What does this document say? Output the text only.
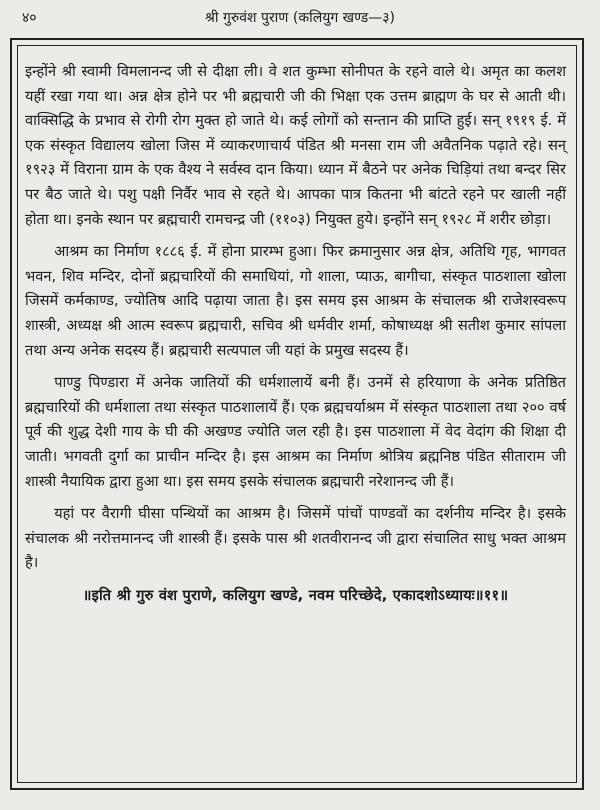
४०	श्री गुरुवंश पुराण (कलियुग खण्ड—३)

इन्होंने श्री स्वामी विमलानन्द जी से दीक्षा ली। वे शत कुम्भा सोनीपत के रहने वाले थे। अमृत का कलश यहीं रखा गया था। अन्न क्षेत्र होने पर भी ब्रह्मचारी जी की भिक्षा एक उत्तम ब्राह्मण के घर से आती थी। वाक्सिद्धि के प्रभाव से रोगी रोग मुक्त हो जाते थे। कई लोगों को सन्तान की प्राप्ति हुई। सन् १९१९ ई. में एक संस्कृत विद्यालय खोला जिस में व्याकरणाचार्य पंडित श्री मनसा राम जी अवैतनिक पढ़ाते रहे। सन् १९२३ में विराना ग्राम के एक वैश्य ने सर्वस्व दान किया। ध्यान में बैठने पर अनेक चिड़ियां तथा बन्दर सिर पर बैठ जाते थे। पशु पक्षी निर्वैर भाव से रहते थे। आपका पात्र कितना भी बांटते रहने पर खाली नहीं होता था। इनके स्थान पर ब्रह्मचारी रामचन्द्र जी (११०३) नियुक्त हुये। इन्होंने सन् १९२८ में शरीर छोड़ा।

आश्रम का निर्माण १८८६ ई. में होना प्रारम्भ हुआ। फिर क्रमानुसार अन्न क्षेत्र, अतिथि गृह, भागवत भवन, शिव मन्दिर, दोनों ब्रह्मचारियों की समाधियां, गो शाला, प्याऊ, बागीचा, संस्कृत पाठशाला खोला जिसमें कर्मकाण्ड, ज्योतिष आदि पढ़ाया जाता है। इस समय इस आश्रम के संचालक श्री राजेशस्वरूप शास्त्री, अध्यक्ष श्री आत्म स्वरूप ब्रह्मचारी, सचिव श्री धर्मवीर शर्मा, कोषाध्यक्ष श्री सतीश कुमार सांपला तथा अन्य अनेक सदस्य हैं। ब्रह्मचारी सत्यपाल जी यहां के प्रमुख सदस्य हैं।

पाण्डु पिण्डारा में अनेक जातियों की धर्मशालायें बनी हैं। उनमें से हरियाणा के अनेक प्रतिष्ठित ब्रह्मचारियों की धर्मशाला तथा संस्कृत पाठशालायें हैं। एक ब्रह्मचर्याश्रम में संस्कृत पाठशाला तथा २०० वर्ष पूर्व की शुद्ध देशी गाय के घी की अखण्ड ज्योति जल रही है। इस पाठशाला में वेद वेदांग की शिक्षा दी जाती। भगवती दुर्गा का प्राचीन मन्दिर है। इस आश्रम का निर्माण श्रोत्रिय ब्रह्मनिष्ठ पंडित सीताराम जी शास्त्री नैयायिक द्वारा हुआ था। इस समय इसके संचालक ब्रह्मचारी नरेशानन्द जी हैं।

यहां पर वैरागी घीसा पन्थियों का आश्रम है। जिसमें पांचों पाण्डवों का दर्शनीय मन्दिर है। इसके संचालक श्री नरोत्तमानन्द जी शास्त्री हैं। इसके पास श्री शतवीरानन्द जी द्वारा संचालित साधु भक्त आश्रम है।

॥इति श्री गुरु वंश पुराणे, कलियुग खण्डे, नवम परिच्छेदे, एकादशोऽध्यायः॥११॥
